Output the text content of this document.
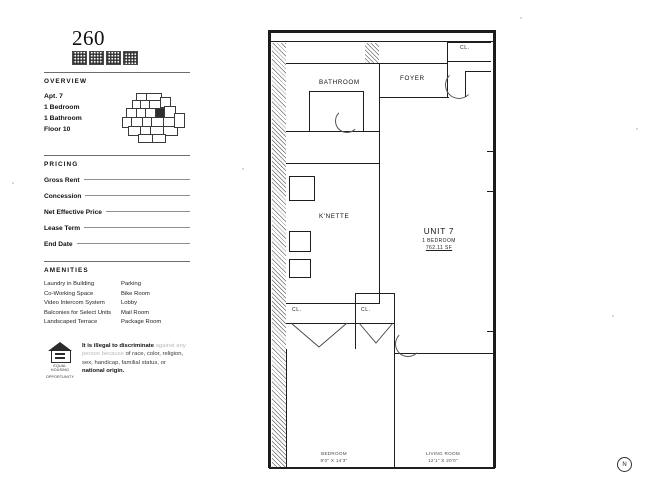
260
OVERVIEW
Apt. 7
1 Bedroom
1 Bathroom
Floor 10
PRICING
Gross Rent
Concession
Net Effective Price
Lease Term
End Date
AMENITIES
Laundry in Building
Co-Working Space
Video Intercom System
Balconies for Select Units
Landscaped Terrace
Parking
Bike Room
Lobby
Mail Room
Package Room
EQUAL HOUSING
OPPORTUNITY
It is illegal to discriminate against any person because of race, color, religion, sex, handicap, familial status, or national origin.
BATHROOM
FOYER
CL.
K'NETTE
UNIT 7
1 BEDROOM
762.11 SF
CL.	CL.
BEDROOM
9'0" X 14'3"
LIVING ROOM
12'1" X 20'0"
N
